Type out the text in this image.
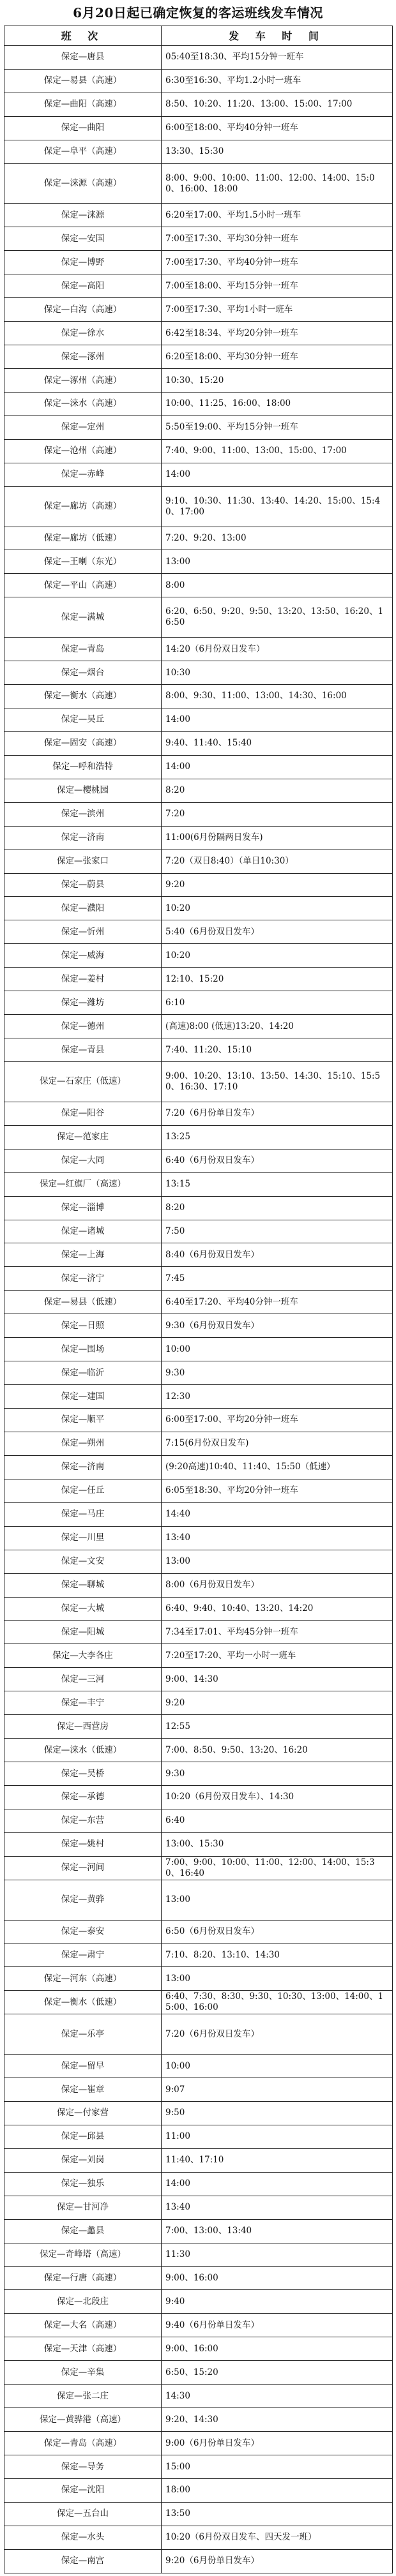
6月20日起已确定恢复的客运班线发车情况
班 次	发 车 时 间
保定—唐县	05:40至18:30、平均15分钟一班车
保定—易县（高速）	6:30至16:30、平均1.2小时一班车
保定—曲阳（高速）	8:50、10:20、11:20、13:00、15:00、17:00
保定—曲阳	6:00至18:00、平均40分钟一班车
保定—阜平（高速）	13:30、15:30
保定—涞源（高速）	8:00、9:00、10:00、11:00、12:00、14:00、15:00、16:00、18:00
保定—涞源	6:20至17:00、平均1.5小时一班车
保定—安国	7:00至17:30、平均30分钟一班车
保定—博野	7:00至17:30、平均40分钟一班车
保定—高阳	7:00至18:00、平均15分钟一班车
保定—白沟（高速）	7:00至17:30、平均1小时一班车
保定—徐水	6:42至18:34、平均20分钟一班车
保定—涿州	6:20至18:00、平均30分钟一班车
保定—涿州（高速）	10:30、15:20
保定—涞水（高速）	10:00、11:25、16:00、18:00
保定—定州	5:50至19:00、平均15分钟一班车
保定—沧州（高速）	7:40、9:00、11:00、13:00、15:00、17:00
保定—赤峰	14:00
保定—廊坊（高速）	9:10、10:30、11:30、13:40、14:20、15:00、15:40、17:00
保定—廊坊（低速）	7:20、9:20、13:00
保定—王喇（东光）	13:00
保定—平山（高速）	8:00
保定—满城	6:20、6:50、9:20、9:50、13:20、13:50、16:20、16:50
保定—青岛	14:20（6月份双日发车）
保定—烟台	10:30
保定—衡水（高速）	8:00、9:30、11:00、13:00、14:30、16:00
保定—吴丘	14:00
保定—固安（高速）	9:40、11:40、15:40
保定—呼和浩特	14:00
保定—樱桃园	8:20
保定—滨州	7:20
保定—济南	11:00(6月份隔两日发车)
保定—张家口	7:20（双日8:40）（单日10:30）
保定—蔚县	9:20
保定—濮阳	10:20
保定—忻州	5:40（6月份双日发车）
保定—威海	10:20
保定—姜村	12:10、15:20
保定—潍坊	6:10
保定—德州	(高速)8:00 (低速)13:20、14:20
保定—青县	7:40、11:20、15:10
保定—石家庄（低速）	9:00、10:20、13:10、13:50、14:30、15:10、15:50、16:30、17:10
保定—阳谷	7:20（6月份单日发车）
保定—范家庄	13:25
保定—大同	6:40（6月份双日发车）
保定—红旗厂（高速）	13:15
保定—淄博	8:20
保定—诸城	7:50
保定—上海	8:40（6月份双日发车）
保定—济宁	7:45
保定—易县（低速）	6:40至17:20、平均40分钟一班车
保定—日照	9:30（6月份双日发车）
保定—围场	10:00
保定—临沂	9:30
保定—建国	12:30
保定—顺平	6:00至17:00、平均20分钟一班车
保定—朔州	7:15(6月份双日发车)
保定—济南	(9:20高速)10:40、11:40、15:50（低速）
保定—任丘	6:05至18:30、平均20分钟一班车
保定—马庄	14:40
保定—川里	13:40
保定—文安	13:00
保定—聊城	8:00（6月份双日发车）
保定—大城	6:40、9:40、10:40、13:20、14:20
保定—阳城	7:34至17:01、平均45分钟一班车
保定—大李各庄	7:20至17:20、平均一小时一班车
保定—三河	9:00、14:30
保定—丰宁	9:20
保定—西营房	12:55
保定—涞水（低速）	7:00、8:50、9:50、13:20、16:20
保定—吴桥	9:30
保定—承德	10:20（6月份双日发车）、14:30
保定—东营	6:40
保定—姚村	13:00、15:30
保定—河间	7:00、9:00、10:00、11:00、12:00、14:00、15:30、16:40
保定—黄骅	13:00
保定—泰安	6:50（6月份双日发车）
保定—肃宁	7:10、8:20、13:10、14:30
保定—河东（高速）	13:00
保定—衡水（低速）	6:40、7:30、8:30、9:30、10:30、13:00、14:00、15:00、16:00
保定—乐亭	7:20（6月份双日发车）
保定—留早	10:00
保定—崔章	9:07
保定—付家营	9:50
保定—邱县	11:00
保定—刘岗	11:40、17:10
保定—独乐	14:00
保定—甘河净	13:40
保定—蠡县	7:00、13:00、13:40
保定—奇峰塔（高速）	11:30
保定—行唐（高速）	9:00、16:00
保定—北段庄	9:40
保定—大名（高速）	9:40（6月份单日发车）
保定—天津（高速）	9:00、16:00
保定—辛集	6:50、15:20
保定—张二庄	14:30
保定—黄骅港（高速）	9:20、14:30
保定—青岛（高速）	9:00（6月份单日发车）
保定—导务	15:00
保定—沈阳	18:00
保定—五台山	13:50
保定—水头	10:20（6月份双日发车、四天发一班）
保定—南宫	9:20（6月份单日发车）
